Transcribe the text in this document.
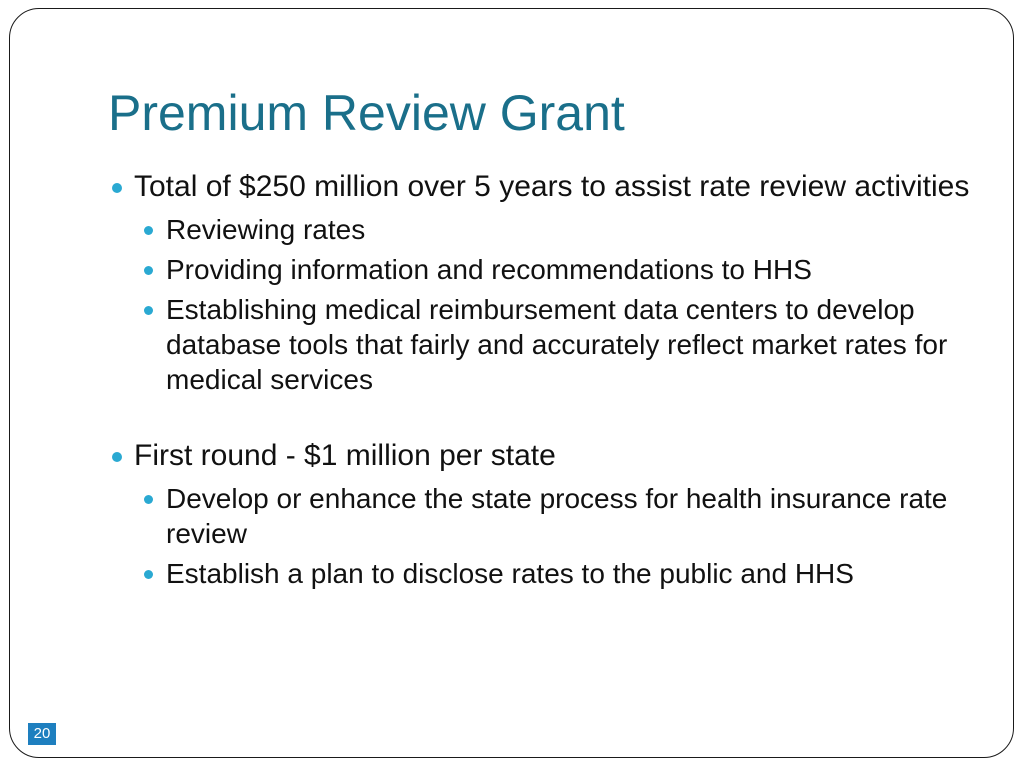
Premium Review Grant
Total of $250 million over 5 years to assist rate review activities
Reviewing rates
Providing information and recommendations to HHS
Establishing medical reimbursement data centers to develop database tools that fairly and accurately reflect market rates for medical services
First round - $1 million per state
Develop or enhance the state process for health insurance rate review
Establish a plan to disclose rates to the public and HHS
20
